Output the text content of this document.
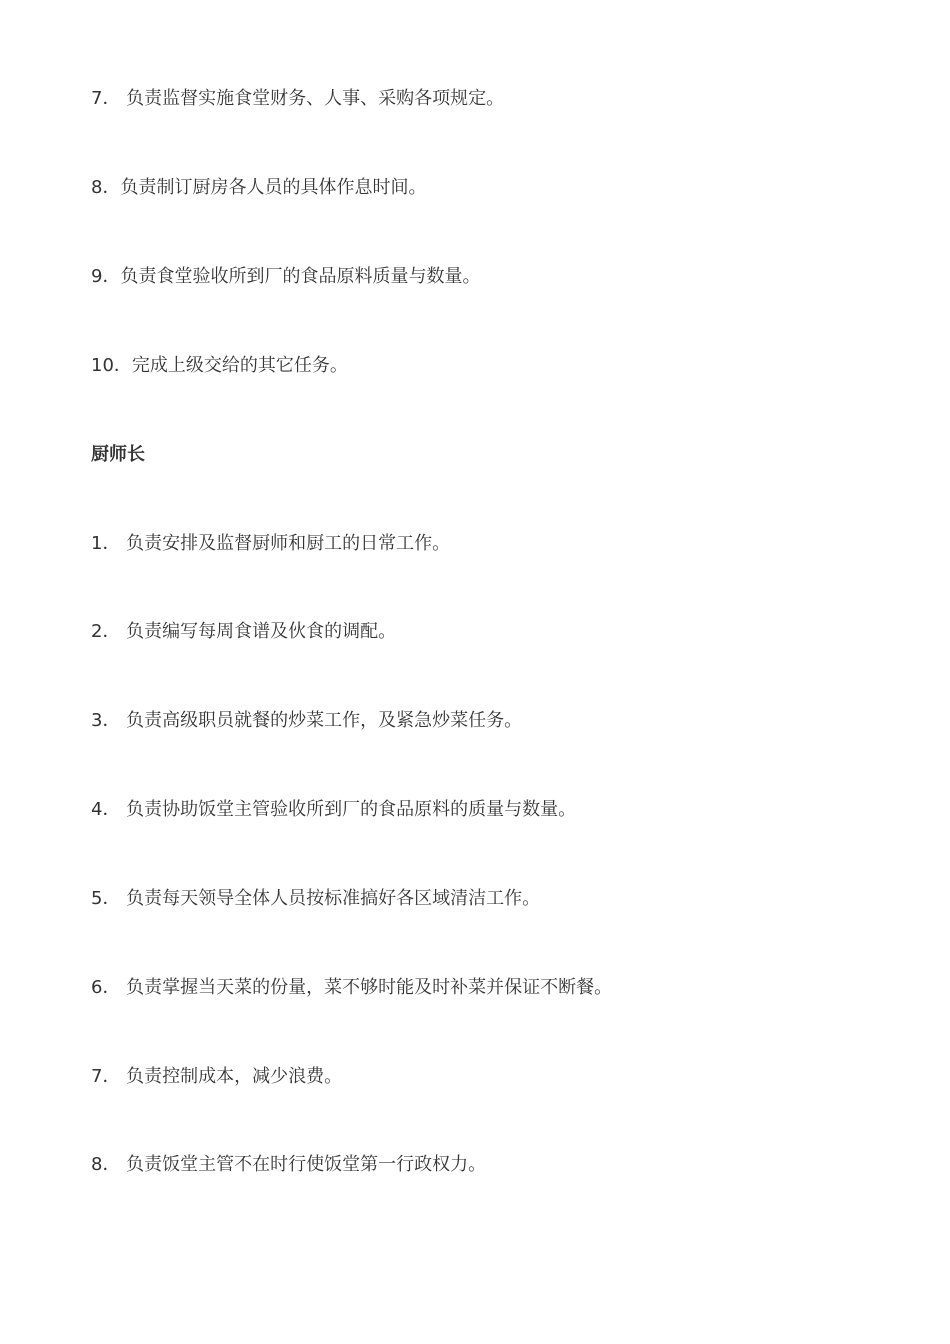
7． 负责监督实施食堂财务、人事、采购各项规定。
8．负责制订厨房各人员的具体作息时间。
9．负责食堂验收所到厂的食品原料质量与数量。
10．完成上级交给的其它任务。
厨师长
1． 负责安排及监督厨师和厨工的日常工作。
2． 负责编写每周食谱及伙食的调配。
3． 负责高级职员就餐的炒菜工作，及紧急炒菜任务。
4． 负责协助饭堂主管验收所到厂的食品原料的质量与数量。
5． 负责每天领导全体人员按标准搞好各区域清洁工作。
6． 负责掌握当天菜的份量，菜不够时能及时补菜并保证不断餐。
7． 负责控制成本，减少浪费。
8． 负责饭堂主管不在时行使饭堂第一行政权力。
